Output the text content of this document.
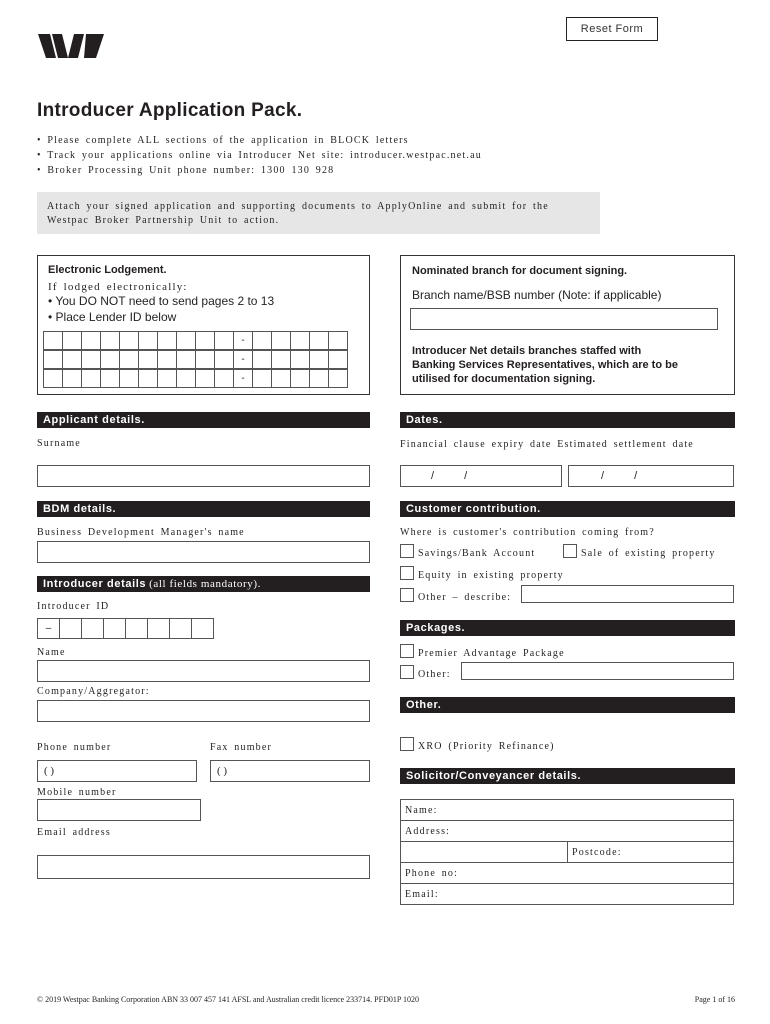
Reset Form
Introducer Application Pack.
• Please complete ALL sections of the application in BLOCK letters
• Track your applications online via Introducer Net site: introducer.westpac.net.au
• Broker Processing Unit phone number: 1300 130 928
Attach your signed application and supporting documents to ApplyOnline and submit for the
Westpac Broker Partnership Unit to action.
Electronic Lodgement.
If lodged electronically:
• You DO NOT need to send pages 2 to 13
• Place Lender ID below
-
-
-
Nominated branch for document signing.
Branch name/BSB number (Note: if applicable)
Introducer Net details branches staffed with
Banking Services Representatives, which are to be
utilised for documentation signing.
Applicant details.
Surname
BDM details.
Business Development Manager's name
Introducer details (all fields mandatory).
Introducer ID
–
Name
Company/Aggregator:
Phone number	Fax number
( )	( )
Mobile number
Email address
Dates.
Financial clause expiry date Estimated settlement date
/	/	/	/
Customer contribution.
Where is customer's contribution coming from?
Savings/Bank Account	Sale of existing property
Equity in existing property
Other – describe:
Packages.
Premier Advantage Package
Other:
Other.
XRO (Priority Refinance)
Solicitor/Conveyancer details.
Name:
Address:
Postcode:
Phone no:
Email:
© 2019 Westpac Banking Corporation ABN 33 007 457 141 AFSL and Australian credit licence 233714. PFD01P 1020	Page 1 of 16
